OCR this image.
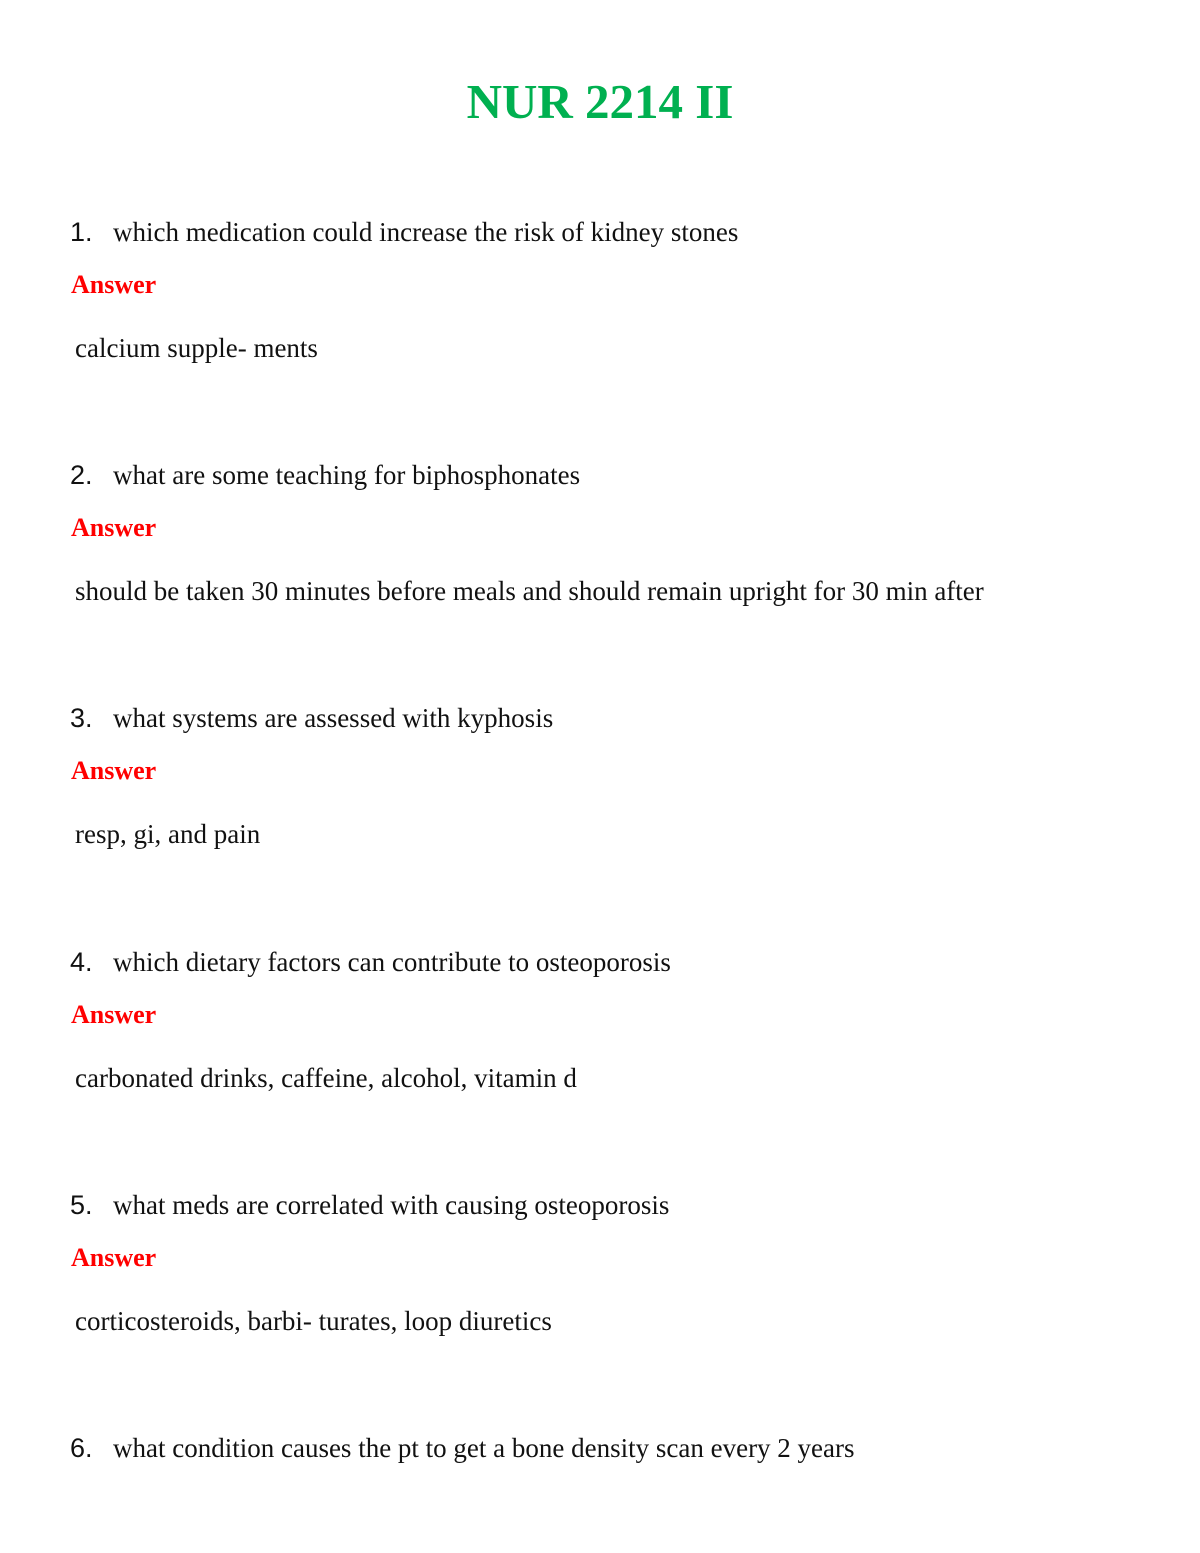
NUR 2214 II
1. which medication could increase the risk of kidney stones
Answer
calcium supple- ments
2. what are some teaching for biphosphonates
Answer
should be taken 30 minutes before meals and should remain upright for 30 min after
3. what systems are assessed with kyphosis
Answer
resp, gi, and pain
4. which dietary factors can contribute to osteoporosis
Answer
carbonated drinks, caffeine, alcohol, vitamin d
5. what meds are correlated with causing osteoporosis
Answer
corticosteroids, barbi- turates, loop diuretics
6. what condition causes the pt to get a bone density scan every 2 years
